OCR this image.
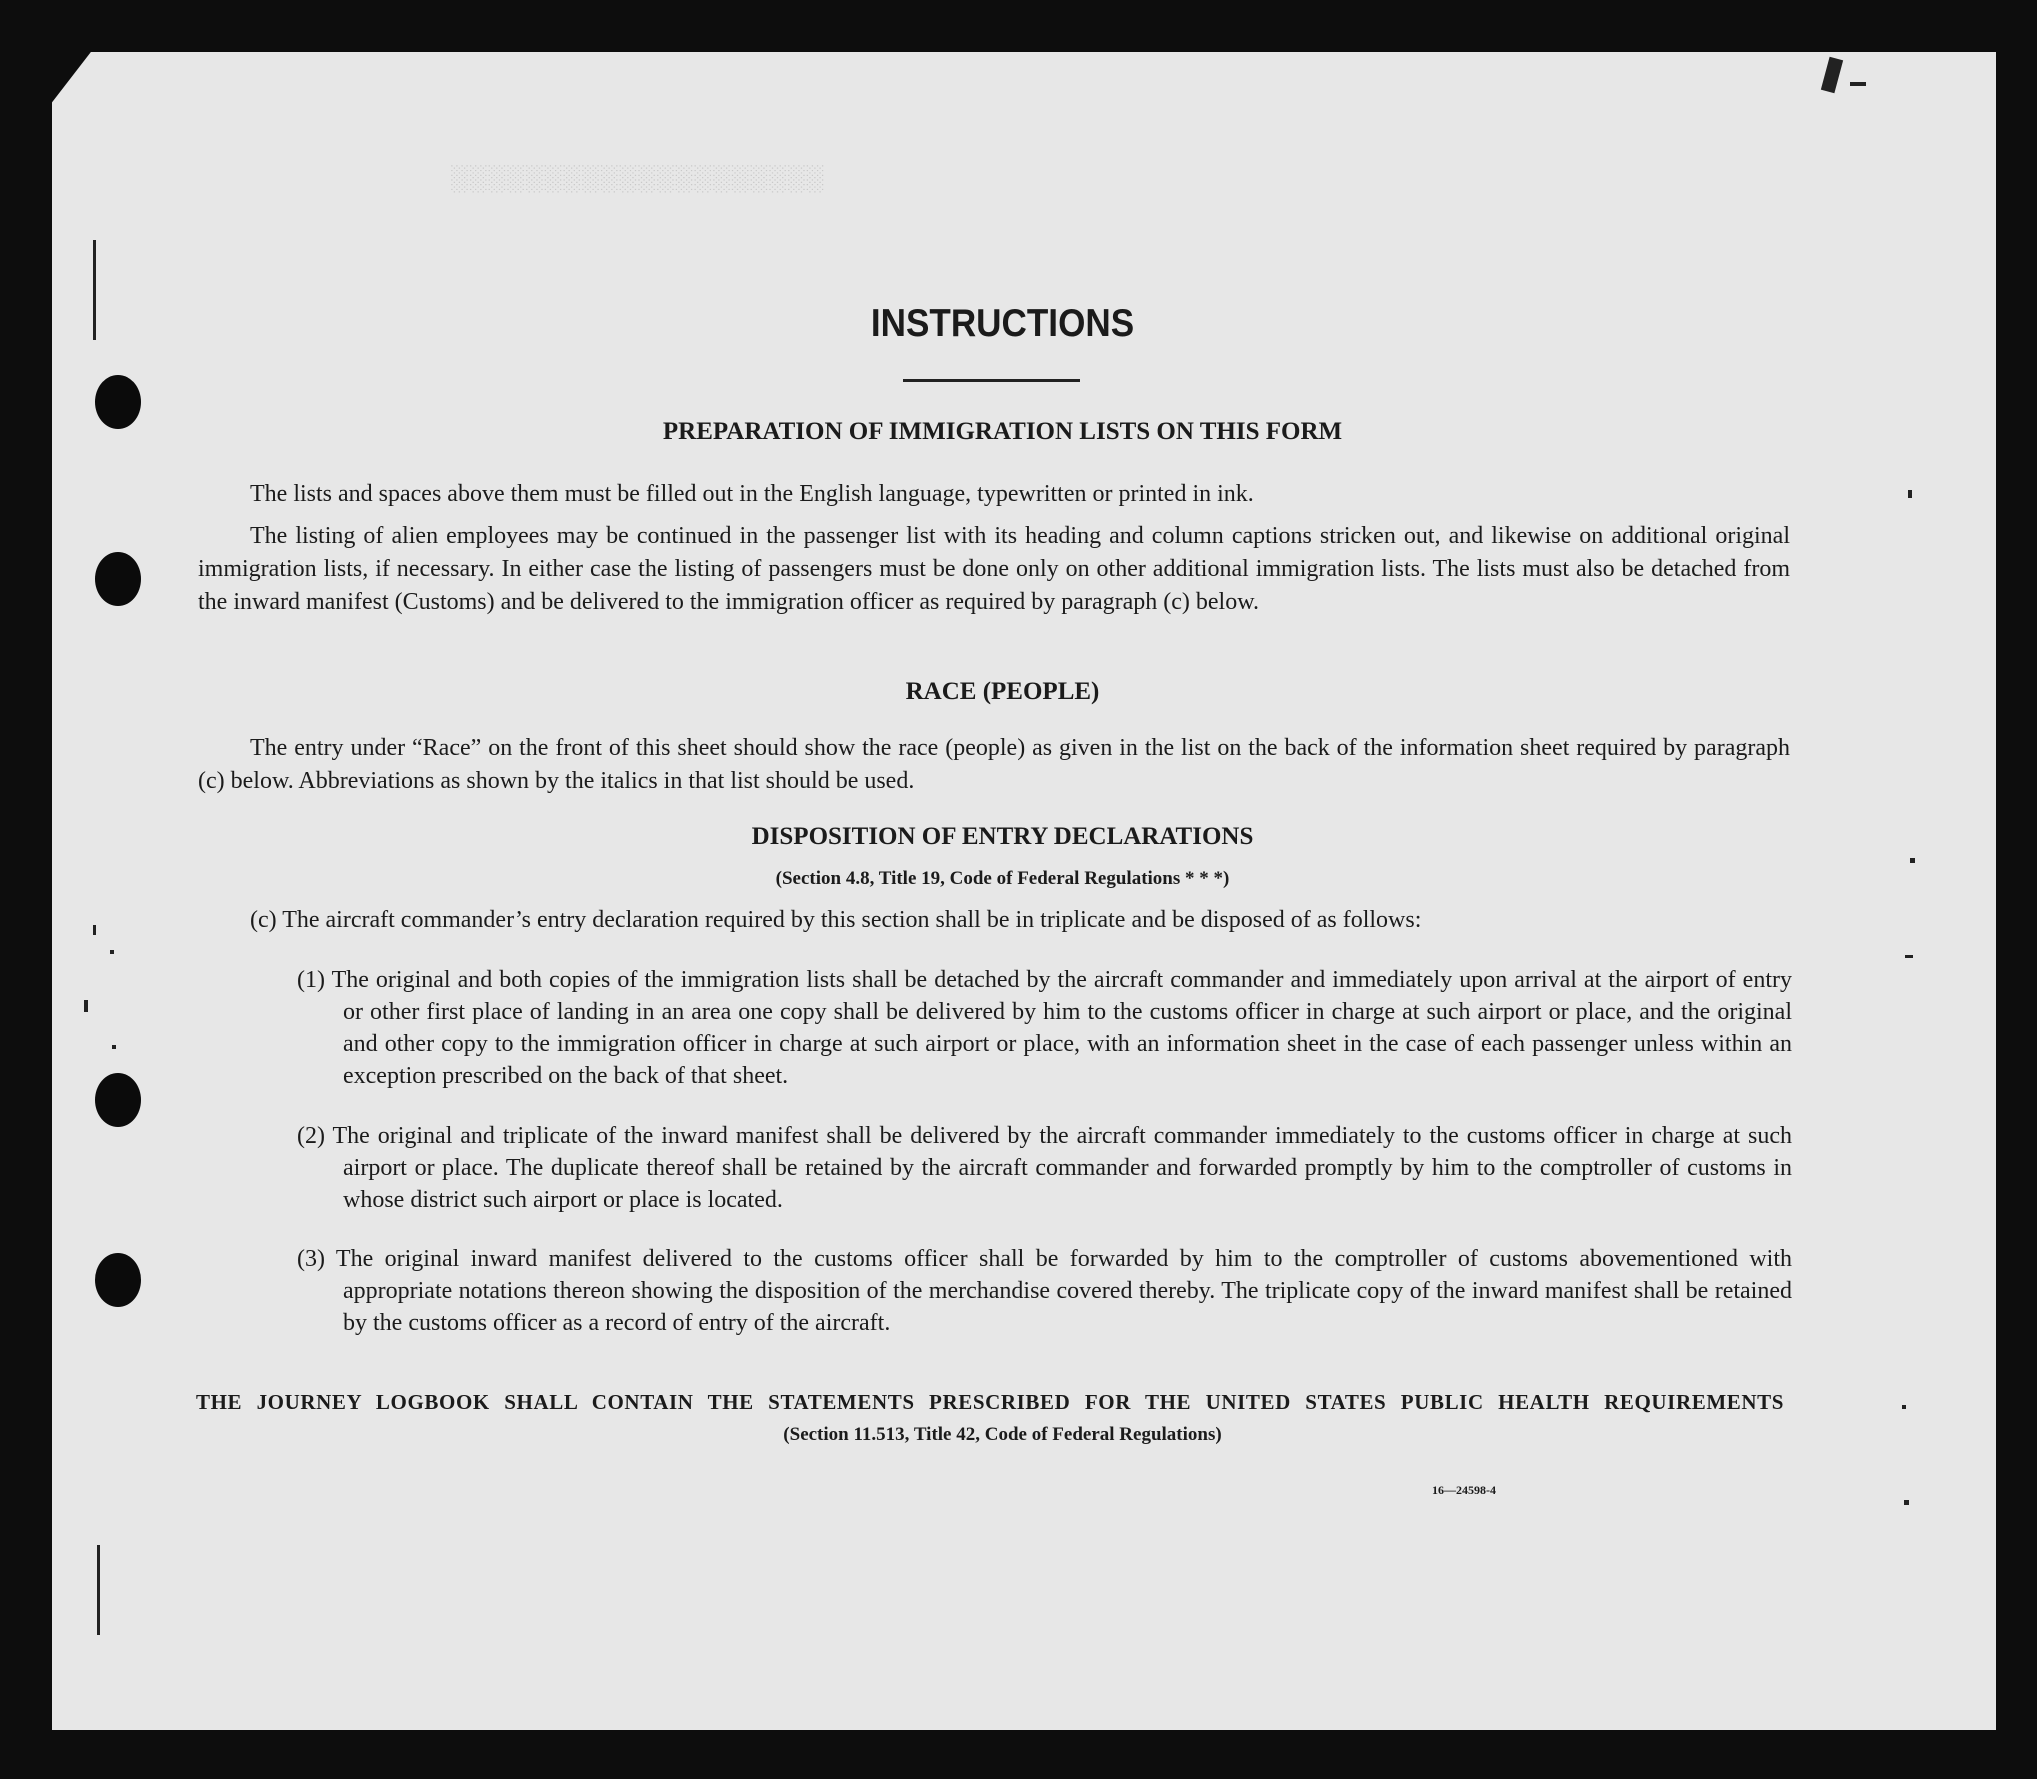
░░░░░░░░░░░░░░░░░░░░
INSTRUCTIONS
PREPARATION OF IMMIGRATION LISTS ON THIS FORM
The lists and spaces above them must be filled out in the English language, typewritten or printed in ink.
The listing of alien employees may be continued in the passenger list with its heading and column captions stricken out, and likewise on additional original immigration lists, if necessary. In either case the listing of passengers must be done only on other additional immigration lists. The lists must also be detached from the inward manifest (Customs) and be delivered to the immigration officer as required by paragraph (c) below.
RACE (PEOPLE)
The entry under “Race” on the front of this sheet should show the race (people) as given in the list on the back of the information sheet required by paragraph (c) below. Abbreviations as shown by the italics in that list should be used.
DISPOSITION OF ENTRY DECLARATIONS
(Section 4.8, Title 19, Code of Federal Regulations * * *)
(c) The aircraft commander’s entry declaration required by this section shall be in triplicate and be disposed of as follows:
(1) The original and both copies of the immigration lists shall be detached by the aircraft commander and immediately upon arrival at the airport of entry or other first place of landing in an area one copy shall be delivered by him to the customs officer in charge at such airport or place, and the original and other copy to the immigration officer in charge at such airport or place, with an information sheet in the case of each passenger unless within an exception prescribed on the back of that sheet.
(2) The original and triplicate of the inward manifest shall be delivered by the aircraft commander immediately to the customs officer in charge at such airport or place. The duplicate thereof shall be retained by the aircraft commander and forwarded promptly by him to the comptroller of customs in whose district such airport or place is located.
(3) The original inward manifest delivered to the customs officer shall be forwarded by him to the comptroller of customs abovementioned with appropriate notations thereon showing the disposition of the merchandise covered thereby. The triplicate copy of the inward manifest shall be retained by the customs officer as a record of entry of the aircraft.
THE JOURNEY LOGBOOK SHALL CONTAIN THE STATEMENTS PRESCRIBED FOR THE UNITED STATES PUBLIC HEALTH REQUIREMENTS
(Section 11.513, Title 42, Code of Federal Regulations)
16—24598-4
